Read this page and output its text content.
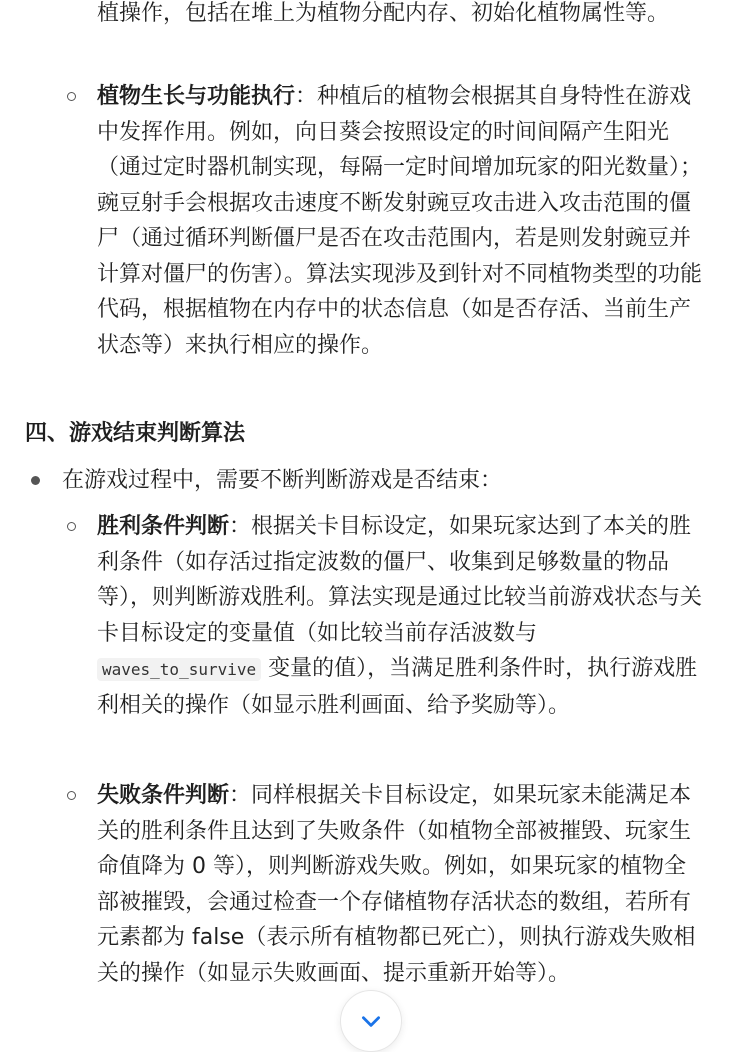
植操作，包括在堆上为植物分配内存、初始化植物属性等。
植物生长与功能执行：种植后的植物会根据其自身特性在游戏中发挥作用。例如，向日葵会按照设定的时间间隔产生阳光（通过定时器机制实现，每隔一定时间增加玩家的阳光数量）；豌豆射手会根据攻击速度不断发射豌豆攻击进入攻击范围的僵尸（通过循环判断僵尸是否在攻击范围内，若是则发射豌豆并计算对僵尸的伤害）。算法实现涉及到针对不同植物类型的功能代码，根据植物在内存中的状态信息（如是否存活、当前生产状态等）来执行相应的操作。
四、游戏结束判断算法
在游戏过程中，需要不断判断游戏是否结束：
胜利条件判断：根据关卡目标设定，如果玩家达到了本关的胜利条件（如存活过指定波数的僵尸、收集到足够数量的物品等），则判断游戏胜利。算法实现是通过比较当前游戏状态与关卡目标设定的变量值（如比较当前存活波数与 waves_to_survive 变量的值），当满足胜利条件时，执行游戏胜利相关的操作（如显示胜利画面、给予奖励等）。
失败条件判断：同样根据关卡目标设定，如果玩家未能满足本关的胜利条件且达到了失败条件（如植物全部被摧毁、玩家生命值降为 0 等），则判断游戏失败。例如，如果玩家的植物全部被摧毁，会通过检查一个存储植物存活状态的数组，若所有元素都为 false（表示所有植物都已死亡），则执行游戏失败相关的操作（如显示失败画面、提示重新开始等）。
